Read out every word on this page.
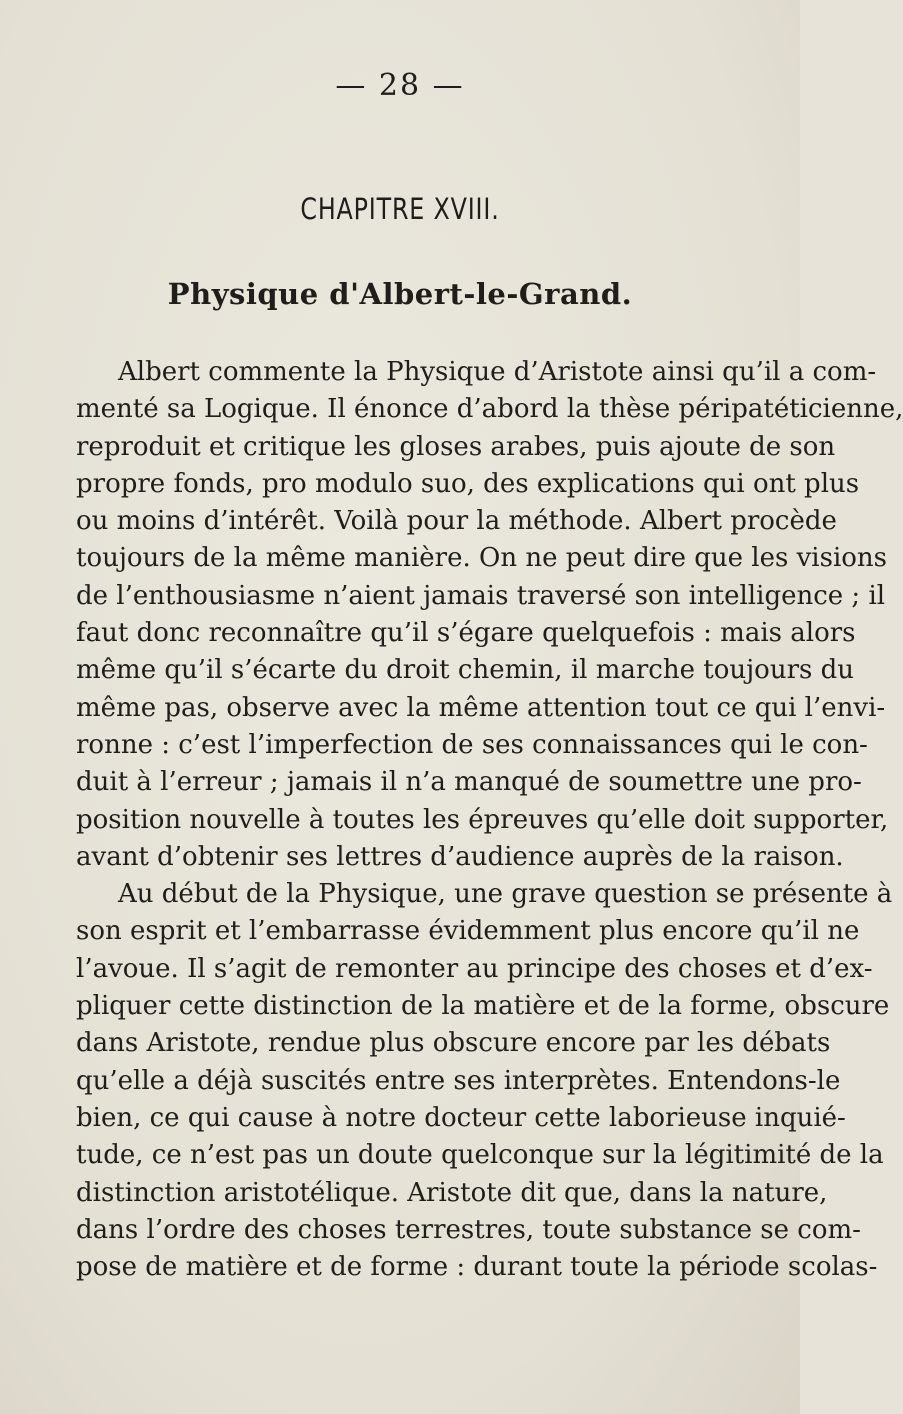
— 28 —
CHAPITRE XVIII.
Physique d'Albert-le-Grand.
Albert commente la Physique d’Aristote ainsi qu’il a com-
menté sa Logique. Il énonce d’abord la thèse péripatéticienne,
reproduit et critique les gloses arabes, puis ajoute de son
propre fonds, pro modulo suo, des explications qui ont plus
ou moins d’intérêt. Voilà pour la méthode. Albert procède
toujours de la même manière. On ne peut dire que les visions
de l’enthousiasme n’aient jamais traversé son intelligence ; il
faut donc reconnaître qu’il s’égare quelquefois : mais alors
même qu’il s’écarte du droit chemin, il marche toujours du
même pas, observe avec la même attention tout ce qui l’envi-
ronne : c’est l’imperfection de ses connaissances qui le con-
duit à l’erreur ; jamais il n’a manqué de soumettre une pro-
position nouvelle à toutes les épreuves qu’elle doit supporter,
avant d’obtenir ses lettres d’audience auprès de la raison.
Au début de la Physique, une grave question se présente à
son esprit et l’embarrasse évidemment plus encore qu’il ne
l’avoue. Il s’agit de remonter au principe des choses et d’ex-
pliquer cette distinction de la matière et de la forme, obscure
dans Aristote, rendue plus obscure encore par les débats
qu’elle a déjà suscités entre ses interprètes. Entendons-le
bien, ce qui cause à notre docteur cette laborieuse inquié-
tude, ce n’est pas un doute quelconque sur la légitimité de la
distinction aristotélique. Aristote dit que, dans la nature,
dans l’ordre des choses terrestres, toute substance se com-
pose de matière et de forme : durant toute la période scolas-
